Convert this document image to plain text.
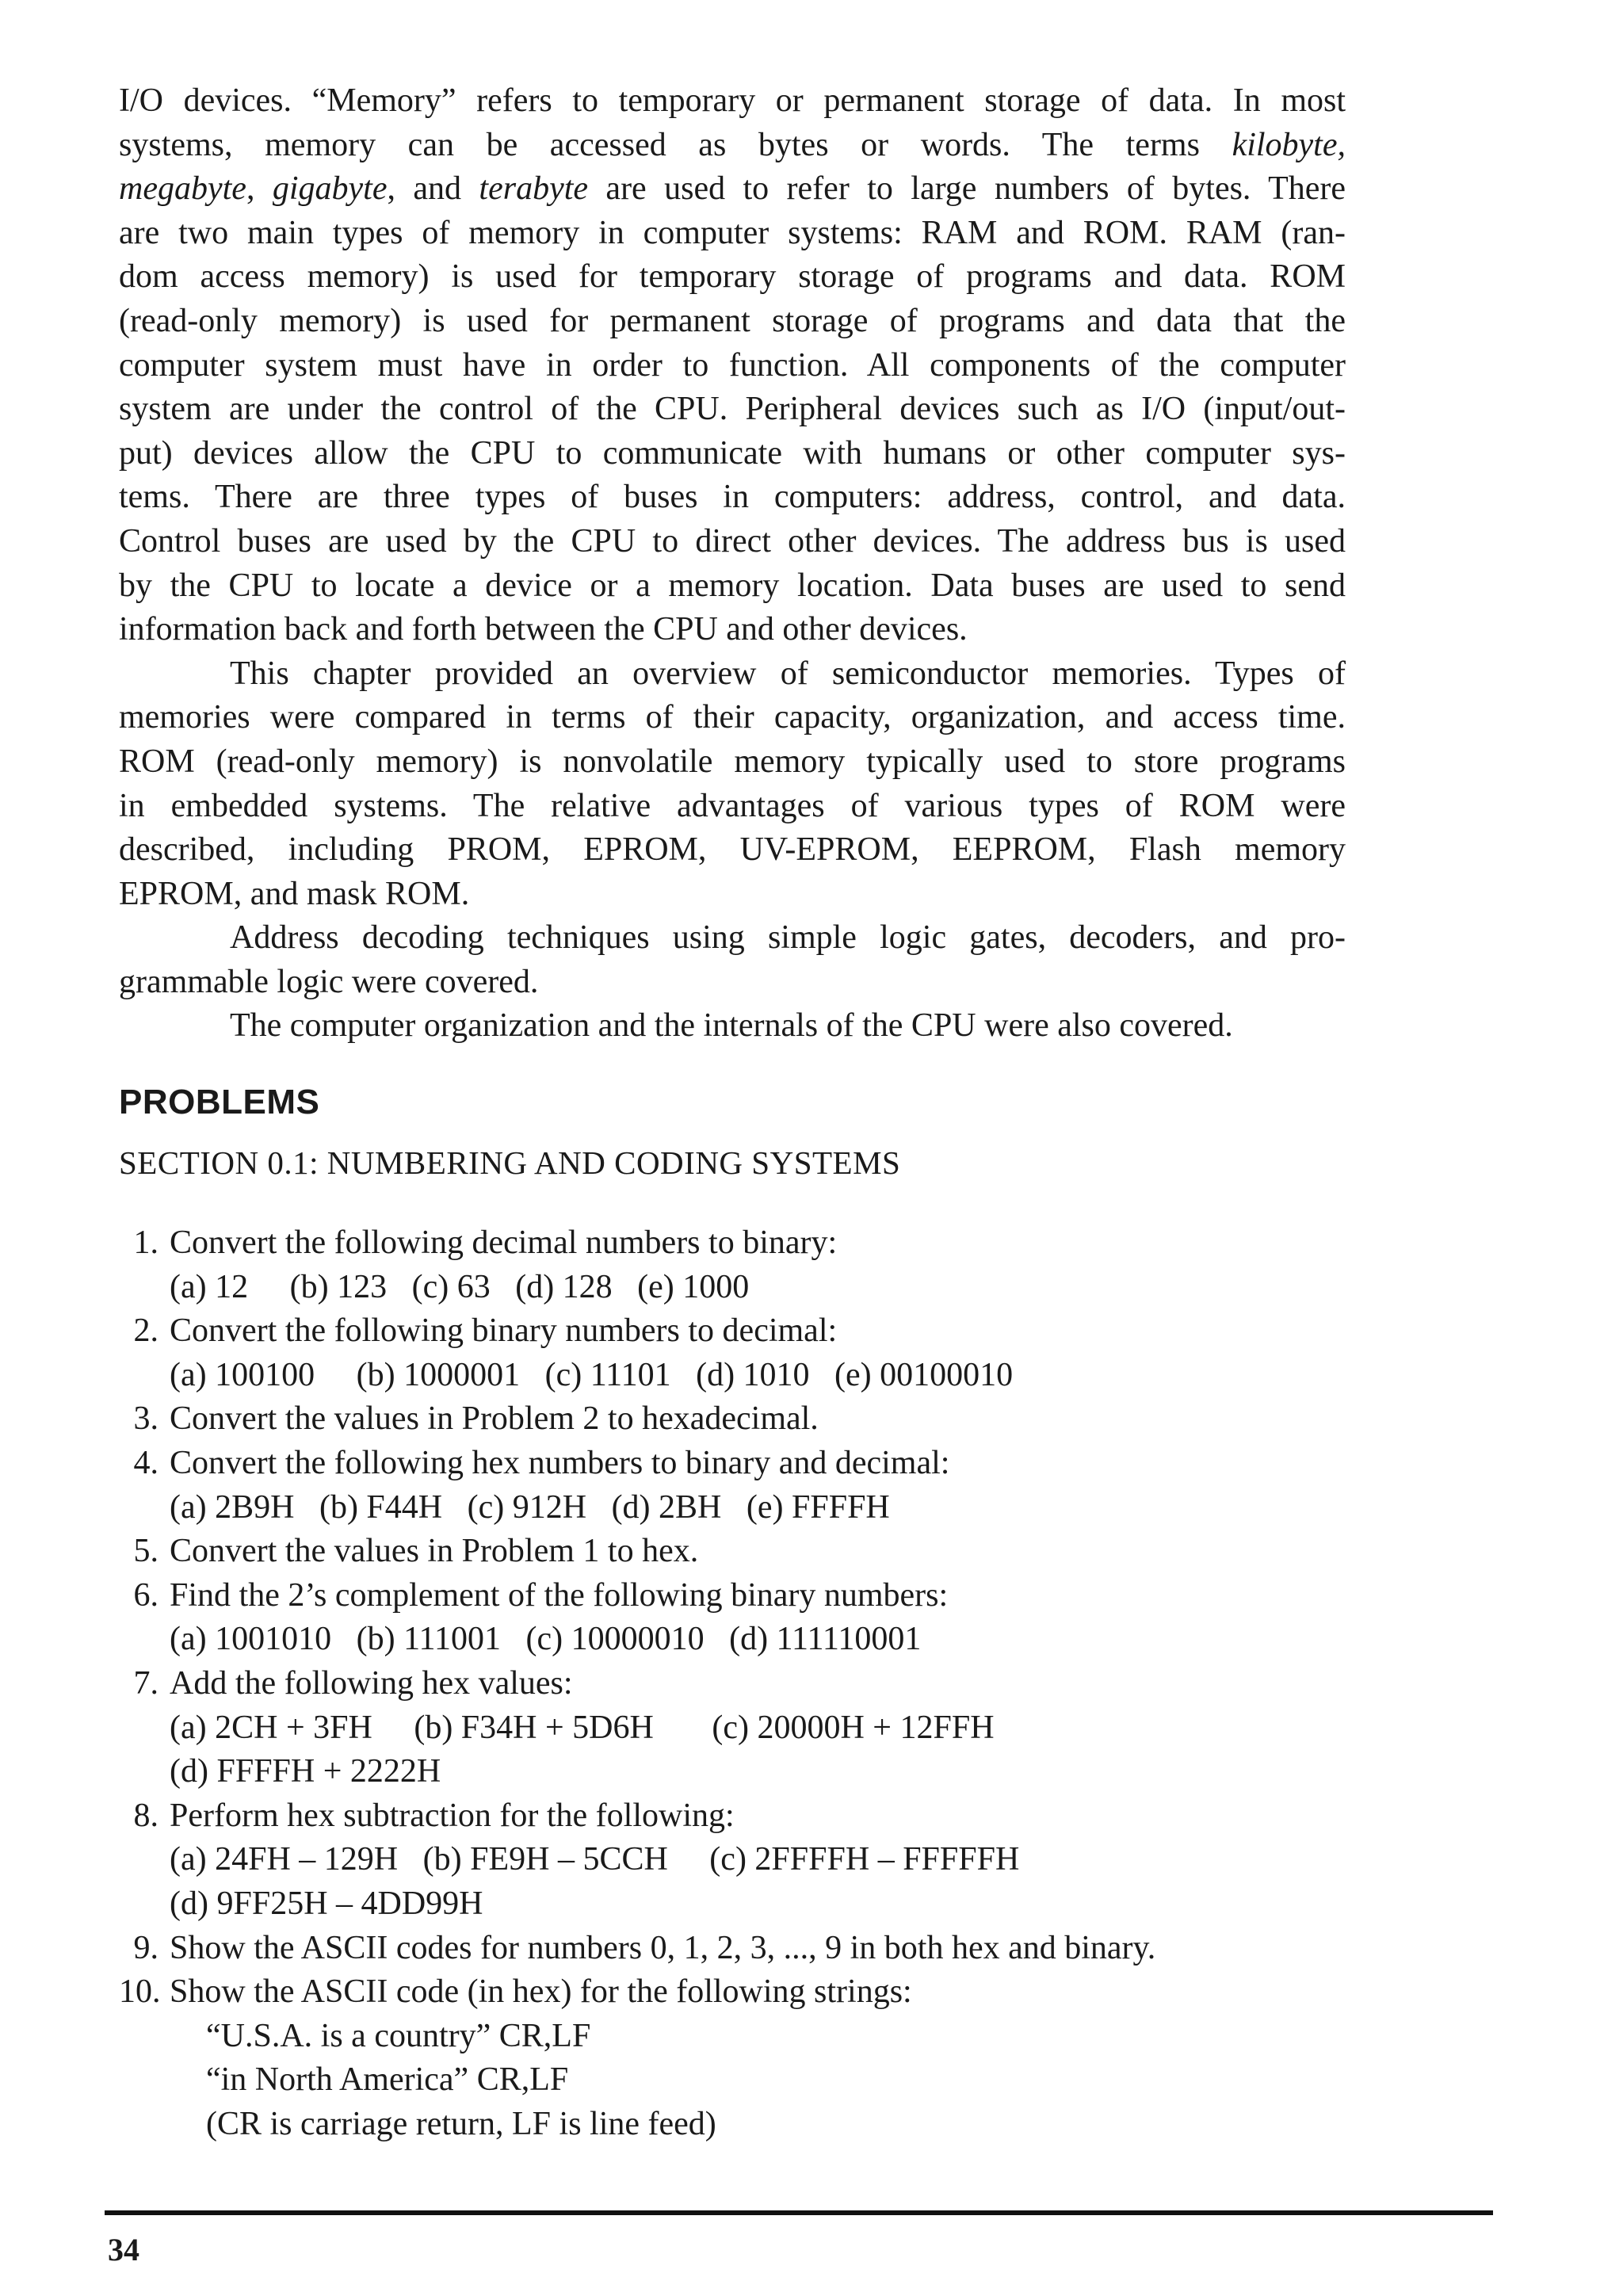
I/O devices. “Memory” refers to temporary or permanent storage of data. In most
systems, memory can be accessed as bytes or words. The terms kilobyte,
megabyte, gigabyte, and terabyte are used to refer to large numbers of bytes. There
are two main types of memory in computer systems: RAM and ROM. RAM (ran-
dom access memory) is used for temporary storage of programs and data. ROM
(read-only memory) is used for permanent storage of programs and data that the
computer system must have in order to function. All components of the computer
system are under the control of the CPU. Peripheral devices such as I/O (input/out-
put) devices allow the CPU to communicate with humans or other computer sys-
tems. There are three types of buses in computers: address, control, and data.
Control buses are used by the CPU to direct other devices. The address bus is used
by the CPU to locate a device or a memory location. Data buses are used to send
information back and forth between the CPU and other devices.

This chapter provided an overview of semiconductor memories. Types of
memories were compared in terms of their capacity, organization, and access time.
ROM (read-only memory) is nonvolatile memory typically used to store programs
in embedded systems. The relative advantages of various types of ROM were
described, including PROM, EPROM, UV-EPROM, EEPROM, Flash memory
EPROM, and mask ROM.

Address decoding techniques using simple logic gates, decoders, and pro-
grammable logic were covered.

The computer organization and the internals of the CPU were also covered.

PROBLEMS
SECTION 0.1: NUMBERING AND CODING SYSTEMS
1. Convert the following decimal numbers to binary:
(a) 12     (b) 123   (c) 63   (d) 128   (e) 1000
2. Convert the following binary numbers to decimal:
(a) 100100     (b) 1000001   (c) 11101   (d) 1010   (e) 00100010
3. Convert the values in Problem 2 to hexadecimal.
4. Convert the following hex numbers to binary and decimal:
(a) 2B9H   (b) F44H   (c) 912H   (d) 2BH   (e) FFFFH
5. Convert the values in Problem 1 to hex.
6. Find the 2’s complement of the following binary numbers:
(a) 1001010   (b) 111001   (c) 10000010   (d) 111110001
7. Add the following hex values:
(a) 2CH + 3FH     (b) F34H + 5D6H       (c) 20000H + 12FFH
(d) FFFFH + 2222H
8. Perform hex subtraction for the following:
(a) 24FH – 129H   (b) FE9H – 5CCH     (c) 2FFFFH – FFFFFH
(d) 9FF25H – 4DD99H
9. Show the ASCII codes for numbers 0, 1, 2, 3, ..., 9 in both hex and binary.
10. Show the ASCII code (in hex) for the following strings:
“U.S.A. is a country” CR,LF
“in North America” CR,LF
(CR is carriage return, LF is line feed)
34
